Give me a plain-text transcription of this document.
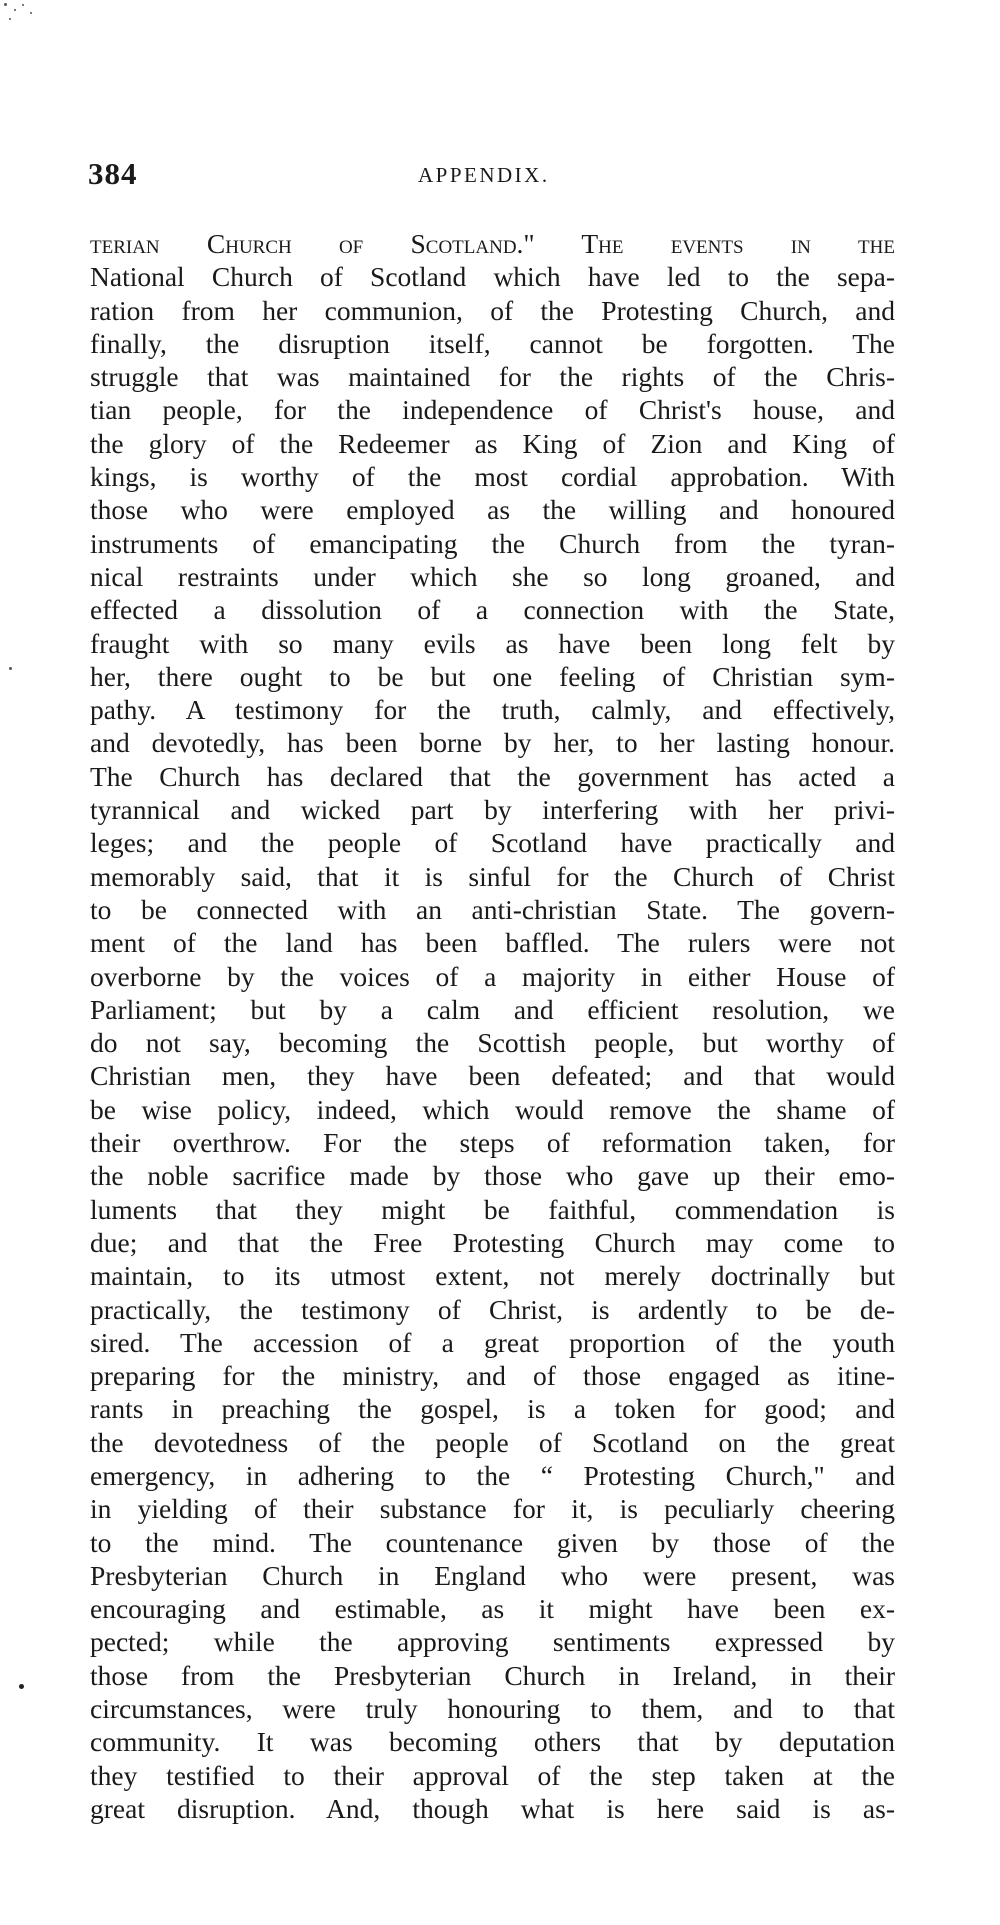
384	APPENDIX.
terian Church of Scotland." The events in the
National Church of Scotland which have led to the sepa-
ration from her communion, of the Protesting Church, and
finally, the disruption itself, cannot be forgotten. The
struggle that was maintained for the rights of the Chris-
tian people, for the independence of Christ's house, and
the glory of the Redeemer as King of Zion and King of
kings, is worthy of the most cordial approbation. With
those who were employed as the willing and honoured
instruments of emancipating the Church from the tyran-
nical restraints under which she so long groaned, and
effected a dissolution of a connection with the State,
fraught with so many evils as have been long felt by
her, there ought to be but one feeling of Christian sym-
pathy. A testimony for the truth, calmly, and effectively,
and devotedly, has been borne by her, to her lasting honour.
The Church has declared that the government has acted a
tyrannical and wicked part by interfering with her privi-
leges; and the people of Scotland have practically and
memorably said, that it is sinful for the Church of Christ
to be connected with an anti-christian State. The govern-
ment of the land has been baffled. The rulers were not
overborne by the voices of a majority in either House of
Parliament; but by a calm and efficient resolution, we
do not say, becoming the Scottish people, but worthy of
Christian men, they have been defeated; and that would
be wise policy, indeed, which would remove the shame of
their overthrow. For the steps of reformation taken, for
the noble sacrifice made by those who gave up their emo-
luments that they might be faithful, commendation is
due; and that the Free Protesting Church may come to
maintain, to its utmost extent, not merely doctrinally but
practically, the testimony of Christ, is ardently to be de-
sired. The accession of a great proportion of the youth
preparing for the ministry, and of those engaged as itine-
rants in preaching the gospel, is a token for good; and
the devotedness of the people of Scotland on the great
emergency, in adhering to the “ Protesting Church," and
in yielding of their substance for it, is peculiarly cheering
to the mind. The countenance given by those of the
Presbyterian Church in England who were present, was
encouraging and estimable, as it might have been ex-
pected; while the approving sentiments expressed by
those from the Presbyterian Church in Ireland, in their
circumstances, were truly honouring to them, and to that
community. It was becoming others that by deputation
they testified to their approval of the step taken at the
great disruption. And, though what is here said is as-
